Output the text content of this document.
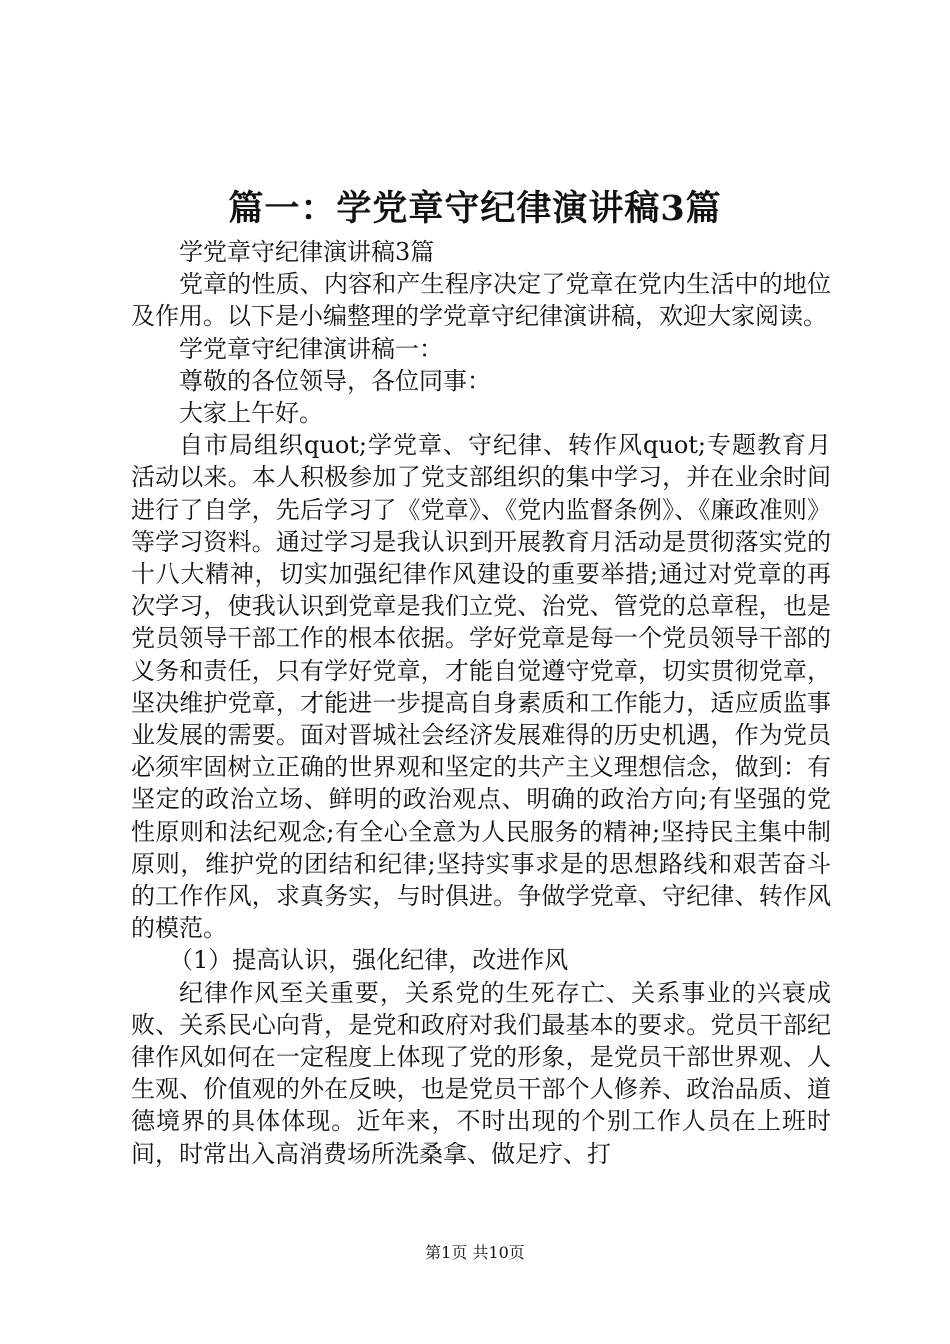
篇一：学党章守纪律演讲稿3篇

学党章守纪律演讲稿3篇

党章的性质、内容和产生程序决定了党章在党内生活中的地位及作用。以下是小编整理的学党章守纪律演讲稿，欢迎大家阅读。

学党章守纪律演讲稿一：

尊敬的各位领导，各位同事：

大家上午好。

自市局组织quot;学党章、守纪律、转作风quot;专题教育月活动以来。本人积极参加了党支部组织的集中学习，并在业余时间进行了自学，先后学习了《党章》、《党内监督条例》、《廉政准则》等学习资料。通过学习是我认识到开展教育月活动是贯彻落实党的十八大精神，切实加强纪律作风建设的重要举措;通过对党章的再次学习，使我认识到党章是我们立党、治党、管党的总章程，也是党员领导干部工作的根本依据。学好党章是每一个党员领导干部的义务和责任，只有学好党章，才能自觉遵守党章，切实贯彻党章，坚决维护党章，才能进一步提高自身素质和工作能力，适应质监事业发展的需要。面对晋城社会经济发展难得的历史机遇，作为党员必须牢固树立正确的世界观和坚定的共产主义理想信念，做到：有坚定的政治立场、鲜明的政治观点、明确的政治方向;有坚强的党性原则和法纪观念;有全心全意为人民服务的精神;坚持民主集中制原则，维护党的团结和纪律;坚持实事求是的思想路线和艰苦奋斗的工作作风，求真务实，与时俱进。争做学党章、守纪律、转作风的模范。

（1）提高认识，强化纪律，改进作风

纪律作风至关重要，关系党的生死存亡、关系事业的兴衰成败、关系民心向背，是党和政府对我们最基本的要求。党员干部纪律作风如何在一定程度上体现了党的形象，是党员干部世界观、人生观、价值观的外在反映，也是党员干部个人修养、政治品质、道德境界的具体体现。近年来，不时出现的个别工作人员在上班时间，时常出入高消费场所洗桑拿、做足疗、打

第1页 共10页
